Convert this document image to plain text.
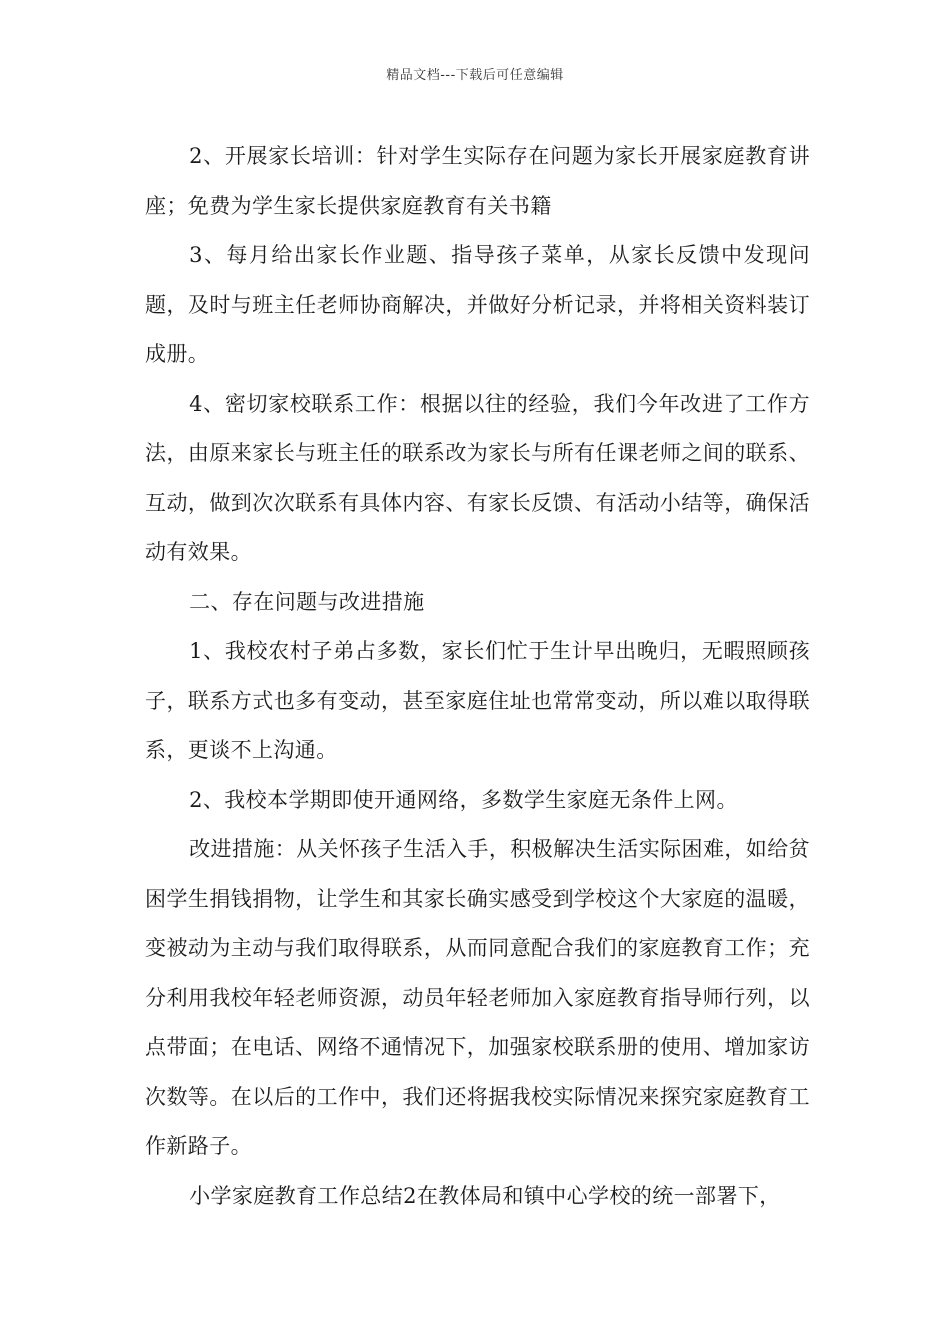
精品文档---下载后可任意编辑

2、开展家长培训：针对学生实际存在问题为家长开展家庭教育讲座；免费为学生家长提供家庭教育有关书籍

3、每月给出家长作业题、指导孩子菜单，从家长反馈中发现问题，及时与班主任老师协商解决，并做好分析记录，并将相关资料装订成册。

4、密切家校联系工作：根据以往的经验，我们今年改进了工作方法，由原来家长与班主任的联系改为家长与所有任课老师之间的联系、互动，做到次次联系有具体内容、有家长反馈、有活动小结等，确保活动有效果。

二、存在问题与改进措施

1、我校农村子弟占多数，家长们忙于生计早出晚归，无暇照顾孩子，联系方式也多有变动，甚至家庭住址也常常变动，所以难以取得联系，更谈不上沟通。

2、我校本学期即使开通网络，多数学生家庭无条件上网。

改进措施：从关怀孩子生活入手，积极解决生活实际困难，如给贫困学生捐钱捐物，让学生和其家长确实感受到学校这个大家庭的温暖，变被动为主动与我们取得联系，从而同意配合我们的家庭教育工作；充分利用我校年轻老师资源，动员年轻老师加入家庭教育指导师行列，以点带面；在电话、网络不通情况下，加强家校联系册的使用、增加家访次数等。在以后的工作中，我们还将据我校实际情况来探究家庭教育工作新路子。

小学家庭教育工作总结2在教体局和镇中心学校的统一部署下，
